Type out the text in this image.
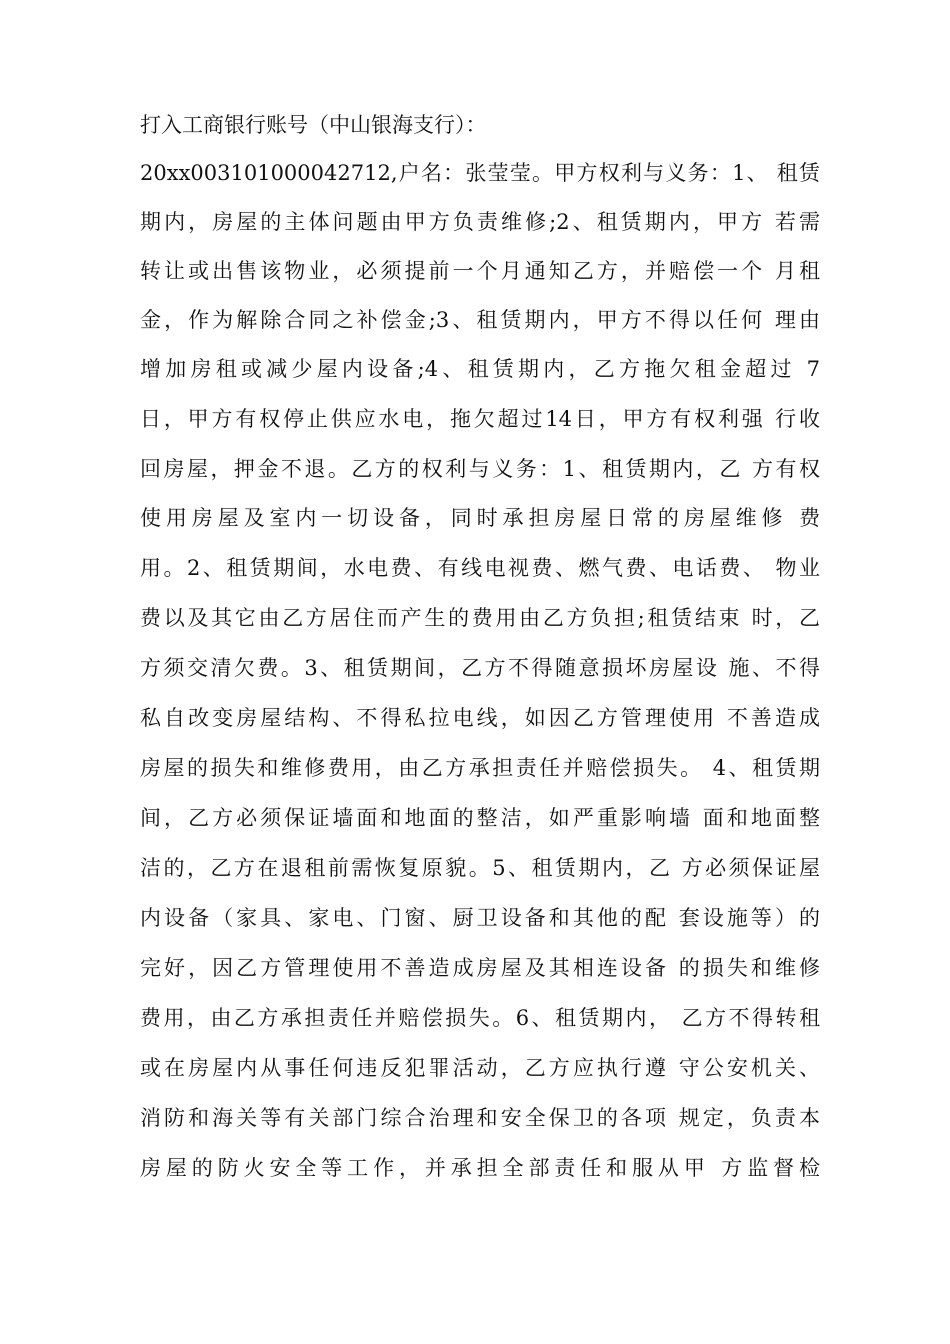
打入工商银行账号（中山银海支行）：
20xx003101000042712,户名：张莹莹。甲方权利与义务：1、 租赁
期内，房屋的主体问题由甲方负责维修;2、租赁期内，甲方 若需
转让或出售该物业，必须提前一个月通知乙方，并赔偿一个 月租
金，作为解除合同之补偿金;3、租赁期内，甲方不得以任何 理由
增加房租或减少屋内设备;4、租赁期内，乙方拖欠租金超过 7
日，甲方有权停止供应水电，拖欠超过14日，甲方有权利强 行收
回房屋，押金不退。乙方的权利与义务：1、租赁期内，乙 方有权
使用房屋及室内一切设备，同时承担房屋日常的房屋维修 费
用。2、租赁期间，水电费、有线电视费、燃气费、电话费、 物业
费以及其它由乙方居住而产生的费用由乙方负担;租赁结束 时，乙
方须交清欠费。3、租赁期间，乙方不得随意损坏房屋设 施、不得
私自改变房屋结构、不得私拉电线，如因乙方管理使用 不善造成
房屋的损失和维修费用，由乙方承担责任并赔偿损失。 4、租赁期
间，乙方必须保证墙面和地面的整洁，如严重影响墙 面和地面整
洁的，乙方在退租前需恢复原貌。5、租赁期内，乙 方必须保证屋
内设备（家具、家电、门窗、厨卫设备和其他的配 套设施等）的
完好，因乙方管理使用不善造成房屋及其相连设备 的损失和维修
费用，由乙方承担责任并赔偿损失。6、租赁期内， 乙方不得转租
或在房屋内从事任何违反犯罪活动，乙方应执行遵 守公安机关、
消防和海关等有关部门综合治理和安全保卫的各项 规定，负责本
房屋的防火安全等工作，并承担全部责任和服从甲 方监督检
